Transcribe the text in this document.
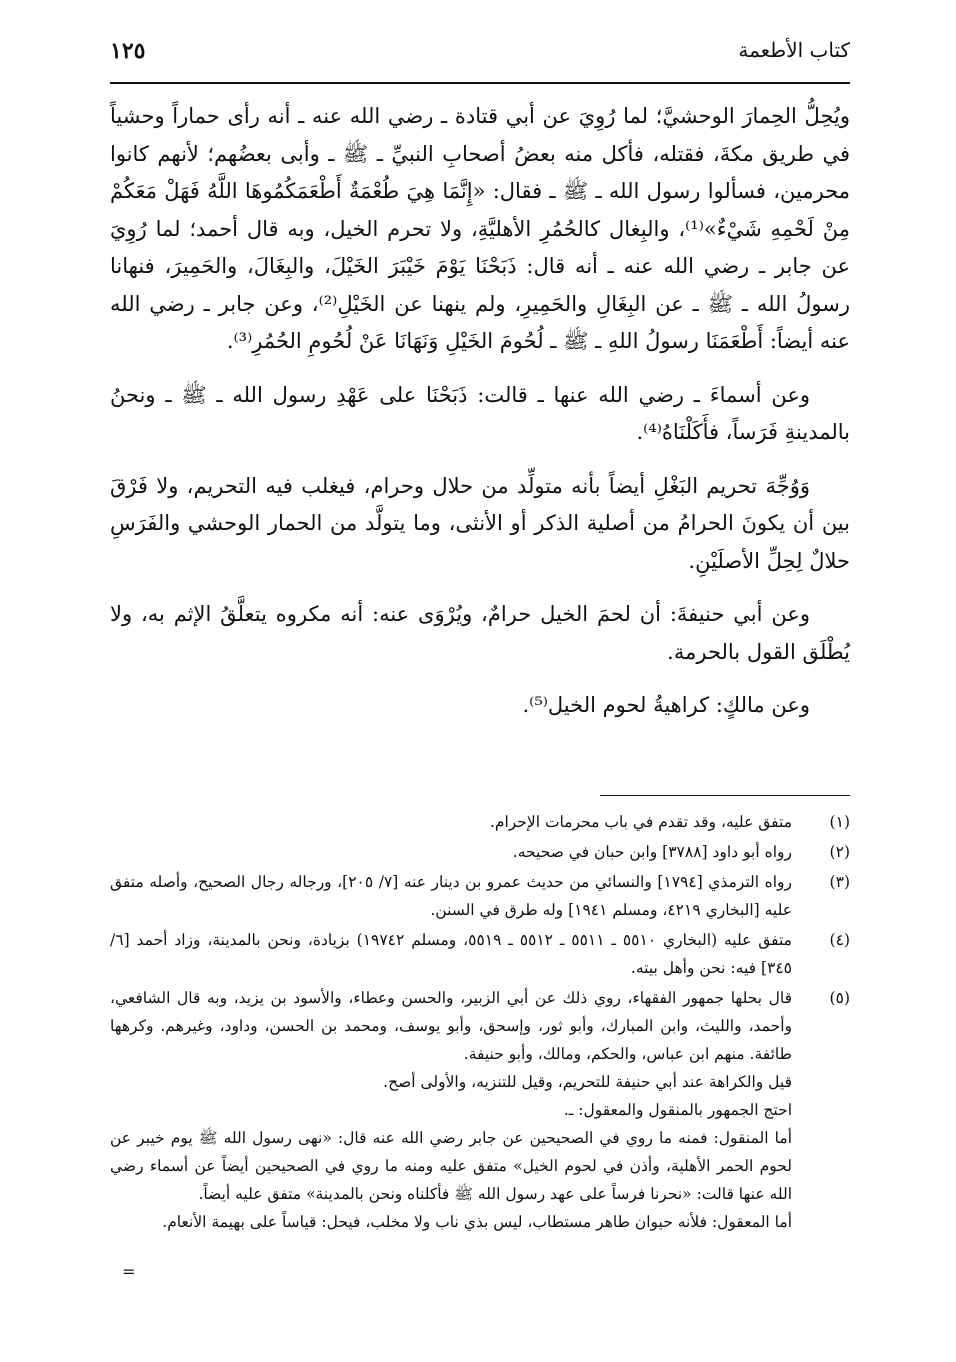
كتاب الأطعمة
١٢٥

ويُحِلُّ الحِمارَ الوحشيَّ؛ لما رُوِيَ عن أبي قتادة ـ رضي الله عنه ـ أنه رأى حماراً وحشياً في طريق مكةَ، فقتله، فأكل منه بعضُ أصحابِ النبيِّ ـ ﷺ ـ وأبى بعضُهم؛ لأنهم كانوا محرمين، فسألوا رسول الله ـ ﷺ ـ فقال: «إِنَّمَا هِيَ طُعْمَةٌ أَطْعَمَكُمُوهَا اللَّهُ فَهَلْ مَعَكُمْ مِنْ لَحْمِهِ شَيْءٌ»⁽¹⁾، والبِغال كالحُمُرِ الأهليَّةِ، ولا تحرم الخيل، وبه قال أحمد؛ لما رُوِيَ عن جابر ـ رضي الله عنه ـ أنه قال: ذَبَحْنَا يَوْمَ خَيْبَرَ الخَيْلَ، والبِغَالَ، والحَمِيرَ، فنهانا رسولُ الله ـ ﷺ ـ عن البِغَالِ والحَمِيرِ، ولم ينهنا عن الخَيْلِ⁽²⁾، وعن جابر ـ رضي الله عنه أيضاً: أَطْعَمَنَا رسولُ اللهِ ـ ﷺ ـ لُحُومَ الخَيْلِ وَنَهَانَا عَنْ لُحُومِ الحُمُرِ⁽³⁾.

وعن أسماءَ ـ رضي الله عنها ـ قالت: ذَبَحْنَا على عَهْدِ رسول الله ـ ﷺ ـ ونحنُ بالمدينةِ فَرَساً، فأَكَلْنَاهُ⁽⁴⁾.

وَوُجِّهَ تحريم البَغْلِ أيضاً بأنه متولِّد من حلال وحرام، فيغلب فيه التحريم، ولا فَرْقَ بين أن يكونَ الحرامُ من أصلية الذكر أو الأنثى، وما يتولَّد من الحمار الوحشي والفَرَسِ حلالٌ لِحِلِّ الأصلَيْنِ.

وعن أبي حنيفةَ: أن لحمَ الخيل حرامٌ، ويُرْوَى عنه: أنه مكروه يتعلَّقُ الإثم به، ولا يُطْلَق القول بالحرمة.

وعن مالكٍ: كراهيةُ لحوم الخيل⁽⁵⁾.

(١)
متفق عليه، وقد تقدم في باب محرمات الإحرام.
(٢)
رواه أبو داود [٣٧٨٨] وابن حبان في صحيحه.
(٣)
رواه الترمذي [١٧٩٤] والنسائي من حديث عمرو بن دينار عنه [٧/ ٢٠٥]، ورجاله رجال الصحيح، وأصله متفق عليه [البخاري ٤٢١٩، ومسلم ١٩٤١] وله طرق في السنن.
(٤)
متفق عليه (البخاري ٥٥١٠ ـ ٥٥١١ ـ ٥٥١٢ ـ ٥٥١٩، ومسلم ١٩٧٤٢) بزيادة، ونحن بالمدينة، وزاد أحمد [٦/ ٣٤٥] فيه: نحن وأهل بيته.
(٥)
قال بحلها جمهور الفقهاء، روي ذلك عن أبي الزبير، والحسن وعطاء، والأسود بن يزيد، وبه قال الشافعي، وأحمد، والليث، وابن المبارك، وأبو ثور، وإسحق، وأبو يوسف، ومحمد بن الحسن، وداود، وغيرهم. وكرهها طائفة. منهم ابن عباس، والحكم، ومالك، وأبو حنيفة.
قيل والكراهة عند أبي حنيفة للتحريم، وقيل للتنزيه، والأولى أصح.
احتج الجمهور بالمنقول والمعقول: ـ.
أما المنقول: فمنه ما روي في الصحيحين عن جابر رضي الله عنه قال: «نهى رسول الله ﷺ يوم خيبر عن لحوم الحمر الأهلية، وأذن في لحوم الخيل» متفق عليه ومنه ما روي في الصحيحين أيضاً عن أسماء رضي الله عنها قالت: «نحرنا فرساً على عهد رسول الله ﷺ فأكلناه ونحن بالمدينة» متفق عليه أيضاً.
أما المعقول: فلأنه حيوان طاهر مستطاب، ليس بذي ناب ولا مخلب، فيحل: قياساً على بهيمة الأنعام.
=
